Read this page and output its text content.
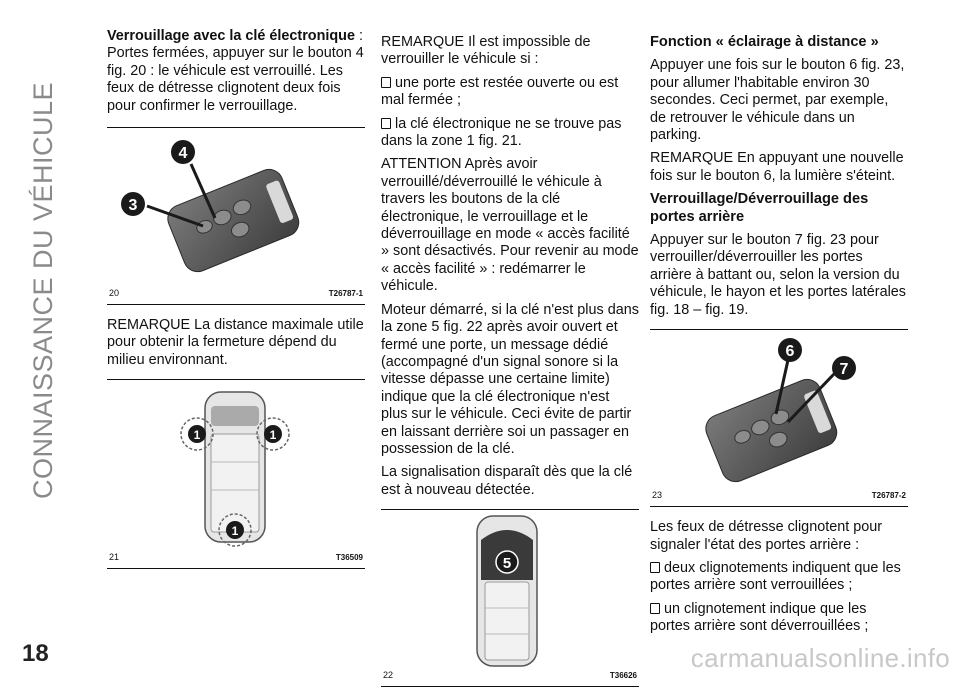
CONNAISSANCE DU VÉHICULE
18	carmanualsonline.info

Verrouillage avec la clé électronique : Portes fermées, appuyer sur le bouton 4 fig. 20 : le véhicule est verrouillé. Les feux de détresse clignotent deux fois pour confirmer le verrouillage.

4
3
20	T26787-1

REMARQUE La distance maximale utile pour obtenir la fermeture dépend du milieu environnant.

1	1
1
21	T36509

REMARQUE Il est impossible de verrouiller le véhicule si :

une porte est restée ouverte ou est mal fermée ;

la clé électronique ne se trouve pas dans la zone 1 fig. 21.

ATTENTION Après avoir verrouillé/déverrouillé le véhicule à travers les boutons de la clé électronique, le verrouillage et le déverrouillage en mode « accès facilité » sont désactivés. Pour revenir au mode « accès facilité » : redémarrer le véhicule.

Moteur démarré, si la clé n'est plus dans la zone 5 fig. 22 après avoir ouvert et fermé une porte, un message dédié (accompagné d'un signal sonore si la vitesse dépasse une certaine limite) indique que la clé électronique n'est plus sur le véhicule. Ceci évite de partir en laissant derrière soi un passager en possession de la clé.

La signalisation disparaît dès que la clé est à nouveau détectée.

5
22	T36626
Fonction « éclairage à distance »

Appuyer une fois sur le bouton 6 fig. 23, pour allumer l'habitable environ 30 secondes. Ceci permet, par exemple, de retrouver le véhicule dans un parking.

REMARQUE En appuyant une nouvelle fois sur le bouton 6, la lumière s'éteint.

Verrouillage/Déverrouillage des portes arrière

Appuyer sur le bouton 7 fig. 23 pour verrouiller/déverrouiller les portes arrière à battant ou, selon la version du véhicule, le hayon et les portes latérales fig. 18 – fig. 19.

6
7
23	T26787-2

Les feux de détresse clignotent pour signaler l'état des portes arrière :

deux clignotements indiquent que les portes arrière sont verrouillées ;

un clignotement indique que les portes arrière sont déverrouillées ;
